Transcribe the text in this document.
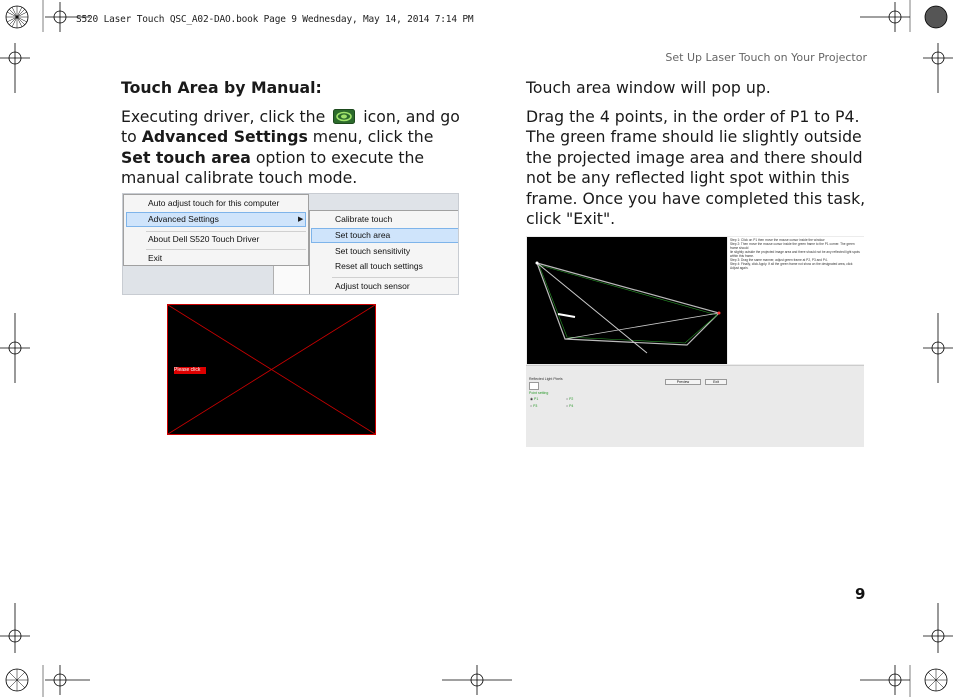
S520 Laser Touch QSC_A02-DAO.book Page 9 Wednesday, May 14, 2014 7:14 PM
Set Up Laser Touch on Your Projector
9

Touch Area by Manual:

Executing driver, click the icon, and go to Advanced Settings menu, click the Set touch area option to execute the manual calibrate touch mode.

Auto adjust touch for this computer
Advanced Settings	▶
About Dell S520 Touch Driver
Exit
Calibrate touch
Set touch area
Set touch sensitivity
Reset all touch settings
Adjust touch sensor
Please click

Touch area window will pop up.

Drag the 4 points, in the order of P1 to P4. The green frame should lie slightly outside the projected image area and there should not be any reflected light spot within this frame. Once you have completed this task, click "Exit".

Step 1: Click on P1 then move the mouse cursor inside the window
Step 2: Then move the mouse cursor inside the green frame to the P1 corner. The green frame should
lie slightly outside the projected image area and there should not be any reflected light spots within this frame.
Step 3: Drag the same manner, adjust green frame at P2, P3 and P4.
Step 4: Finally, click Apply. If all the green frame not show on the designated area, click Adjust again.
Reflected Light Pixels
Point setting
◉ P1	○ P2
○ P3	○ P4
Preview	Exit
